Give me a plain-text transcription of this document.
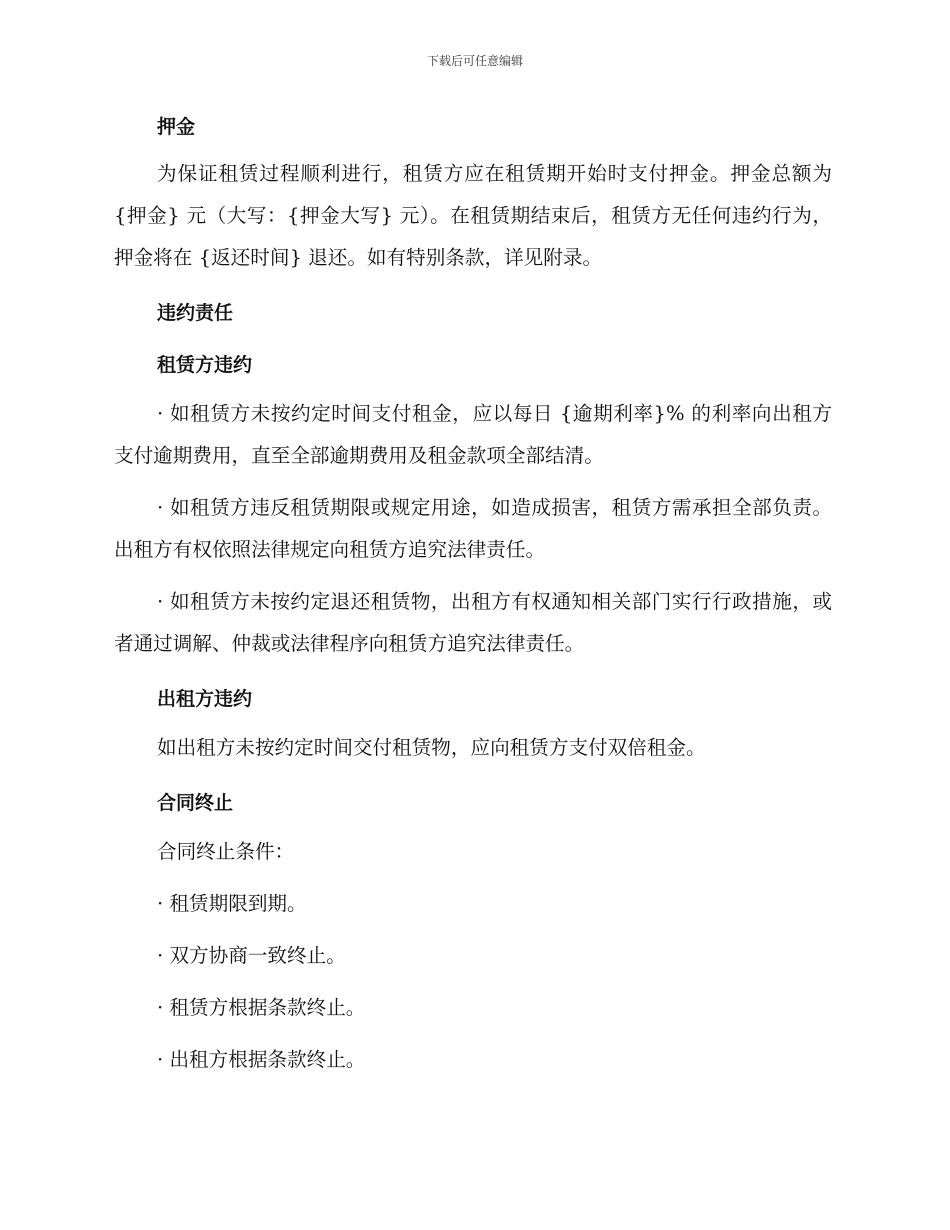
下载后可任意编辑
押金

为保证租赁过程顺利进行，租赁方应在租赁期开始时支付押金。押金总额为 {押金} 元（大写：{押金大写} 元）。在租赁期结束后，租赁方无任何违约行为，押金将在 {返还时间} 退还。如有特别条款，详见附录。

违约责任
租赁方违约

· 如租赁方未按约定时间支付租金，应以每日 {逾期利率}% 的利率向出租方支付逾期费用，直至全部逾期费用及租金款项全部结清。

· 如租赁方违反租赁期限或规定用途，如造成损害，租赁方需承担全部负责。出租方有权依照法律规定向租赁方追究法律责任。

· 如租赁方未按约定退还租赁物，出租方有权通知相关部门实行行政措施，或者通过调解、仲裁或法律程序向租赁方追究法律责任。

出租方违约

如出租方未按约定时间交付租赁物，应向租赁方支付双倍租金。

合同终止

合同终止条件：

· 租赁期限到期。

· 双方协商一致终止。

· 租赁方根据条款终止。

· 出租方根据条款终止。
